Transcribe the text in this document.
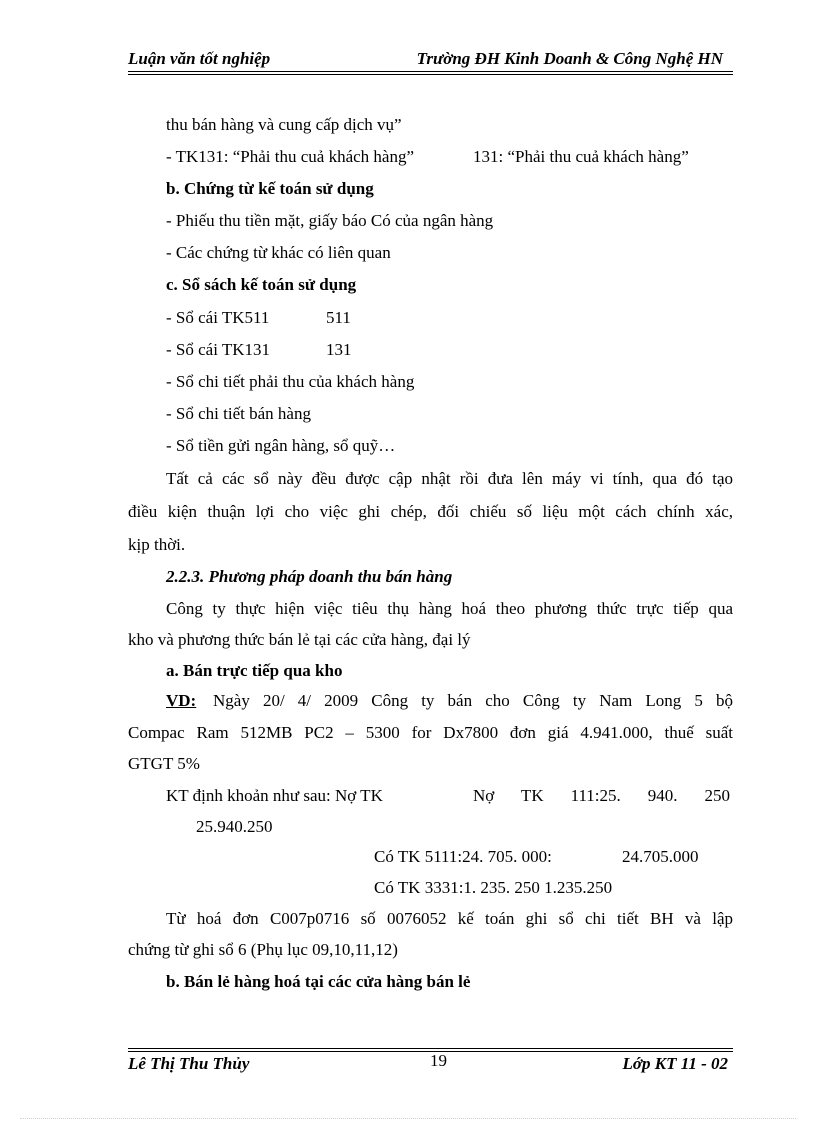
Luận văn tốt nghiệp	Trường ĐH Kinh Doanh & Công Nghệ HN
thu bán hàng và cung cấp dịch vụ”
- TK131: “Phải thu cuả khách hàng”	131: “Phải thu cuả khách hàng”
b. Chứng từ kế toán sử dụng
- Phiếu thu tiền mặt, giấy báo Có của ngân hàng
- Các chứng từ khác có liên quan
c. Sổ sách kế toán sử dụng
- Sổ cái TK511	511
- Sổ cái TK131	131
- Sổ chi tiết phải thu của khách hàng
- Sổ chi tiết bán hàng
- Sổ tiền gửi ngân hàng, sổ quỹ…
Tất cả các sổ này đều được cập nhật rồi đưa lên máy vi tính, qua đó tạo
điều kiện thuận lợi cho việc ghi chép, đối chiếu số liệu một cách chính xác,
kịp thời.
2.2.3. Phương pháp doanh thu bán hàng
Công ty thực hiện việc tiêu thụ hàng hoá theo phương thức trực tiếp qua
kho và phương thức bán lẻ tại các cửa hàng, đại lý
a. Bán trực tiếp qua kho
VD: Ngày 20/ 4/ 2009 Công ty bán cho Công ty Nam Long 5 bộ
Compac Ram 512MB PC2 – 5300 for Dx7800 đơn giá 4.941.000, thuế suất
GTGT 5%
KT định khoản như sau: Nợ TK	Nợ TK 111:25. 940. 250
25.940.250
Có TK 5111:24. 705. 000:	24.705.000
Có TK 3331:1. 235. 250 1.235.250
Từ hoá đơn C007p0716 số 0076052 kế toán ghi sổ chi tiết BH và lập
chứng từ ghi sổ 6 (Phụ lục 09,10,11,12)
b. Bán lẻ hàng hoá tại các cửa hàng bán lẻ
Lê Thị Thu Thủy	Lớp KT 11 - 02
19
